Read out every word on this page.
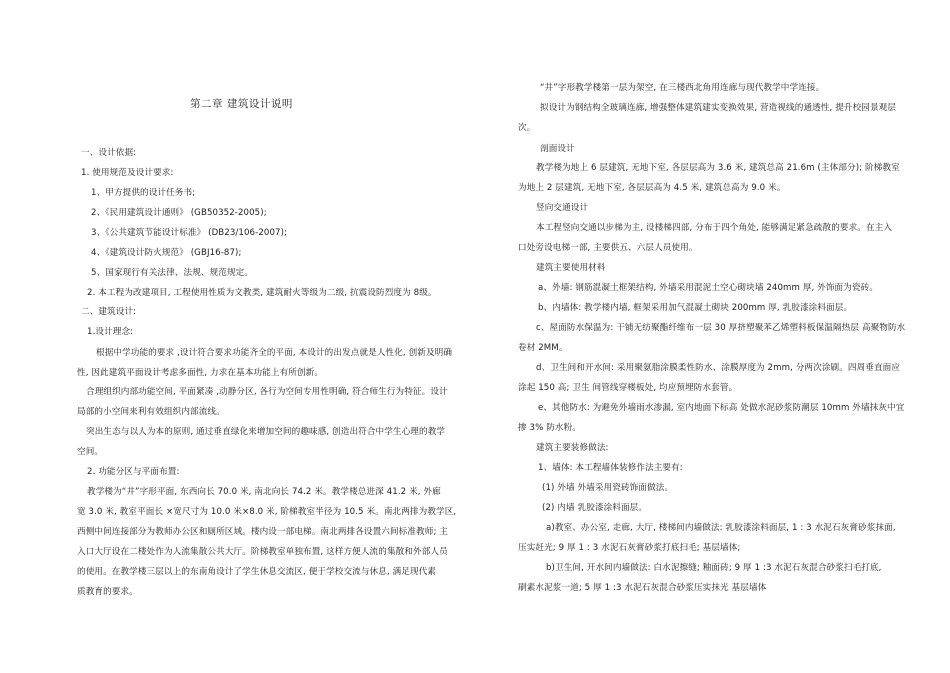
第二章 建筑设计说明
一、设计依据:
1. 使用规范及设计要求:
1、甲方提供的设计任务书;
2、《民用建筑设计通则》 (GB50352-2005);
3、《公共建筑节能设计标准》 (DB23/106-2007);
4、《建筑设计防火规范》 (GBJ16-87);
5、国家现行有关法律、法规、规范规定。
2. 本工程为改建项目, 工程使用性质为文教类, 建筑耐火等级为二级, 抗震设防烈度为 8级。
二、建筑设计:
1.设计理念:
根据中学功能的要求 ,设计符合要求功能齐全的平面, 本设计的出发点就是人性化, 创新及明确
性, 因此建筑平面设计考虑多面性, 力求在基本功能上有所创新。
合理组织内部功能空间, 平面紧凑 ,动静分区, 各行为空间专用性明确, 符合师生行为特征。设计
局部的小空间来利有效组织内部流线。
突出生态与以人为本的原则, 通过垂直绿化来增加空间的趣味感, 创造出符合中学生心理的教学
空间。
2. 功能分区与平面布置:
教学楼为“井”字形平面, 东西向长 70.0 米, 南北向长 74.2 米。教学楼总进深 41.2 米, 外廊
宽 3.0 米, 教室平面长 ×宽尺寸为 10.0 米×8.0 米, 阶梯教室半径为 10.5 米。南北两排为教学区,
西侧中间连接部分为教师办公区和厕所区域。楼内设一部电梯。南北两排各设置六间标准教师; 主
入口大厅设在二楼处作为人流集散公共大厅。阶梯教室单独布置, 这样方便人流的集散和外部人员
的使用。在教学楼三层以上的东南角设计了学生休息交流区, 便于学校交流与休息, 满足现代素
质教育的要求。
“井”字形教学楼第一层为架空, 在三楼西北角用连廊与现代教学中学连接。
拟设计为钢结构全玻璃连廊, 增强整体建筑建实变换效果, 营造视线的通透性, 提升校园景观层
次。
剖面设计
教学楼为地上 6 层建筑, 无地下室, 各层层高为 3.6 米, 建筑总高 21.6m (主体部分); 阶梯教室
为地上 2 层建筑, 无地下室, 各层层高为 4.5 米, 建筑总高为 9.0 米。
竖向交通设计
本工程竖向交通以步梯为主, 设楼梯四部, 分布于四个角处, 能够满足紧急疏散的要求。在主入
口处旁设电梯一部, 主要供五、六层人员使用。
建筑主要使用材料
a、外墙: 钢筋混凝土框架结构, 外墙采用混泥土空心砌块墙 240mm 厚, 外饰面为瓷砖。
b、内墙体: 教学楼内墙, 框架采用加气混凝土砌块 200mm 厚, 乳胶漆涂料面层。
c、屋面防水保温为: 干铺无纺聚酯纤维布一层 30 厚挤塑聚苯乙烯塑料板保温隔热层 高聚物防水
卷材 2MM。
d、卫生间和开水间: 采用聚氨脂涂膜柔性防水、涂膜厚度为 2mm, 分两次涂刷。四周垂直面应
涂起 150 高; 卫生 间管线穿楼板处, 均应预埋防水套管。
e、其他防水: 为避免外墙雨水渗漏, 室内地面下标高 处做水泥砂浆防潮层 10mm 外墙抹灰中宜
掺 3% 防水粉。
建筑主要装修做法:
1、墙体: 本工程墙体装修作法主要有:
(1) 外墙 外墙采用瓷砖饰面做法。
(2) 内墙 乳胶漆涂料面层。
a)教室、办公室, 走廊, 大厅, 楼梯间内墙做法: 乳胶漆涂料面层, 1 : 3 水泥石灰膏砂浆抹面,
压实赶光; 9 厚 1 : 3 水泥石灰膏砂浆打底扫毛; 基层墙体;
b)卫生间, 开水间内墙做法: 白水泥擦缝; 釉面砖; 9 厚 1 :3 水泥石灰混合砂浆扫毛打底,
刷素水泥浆一道; 5 厚 1 :3 水泥石灰混合砂浆压实抹光 基层墙体
